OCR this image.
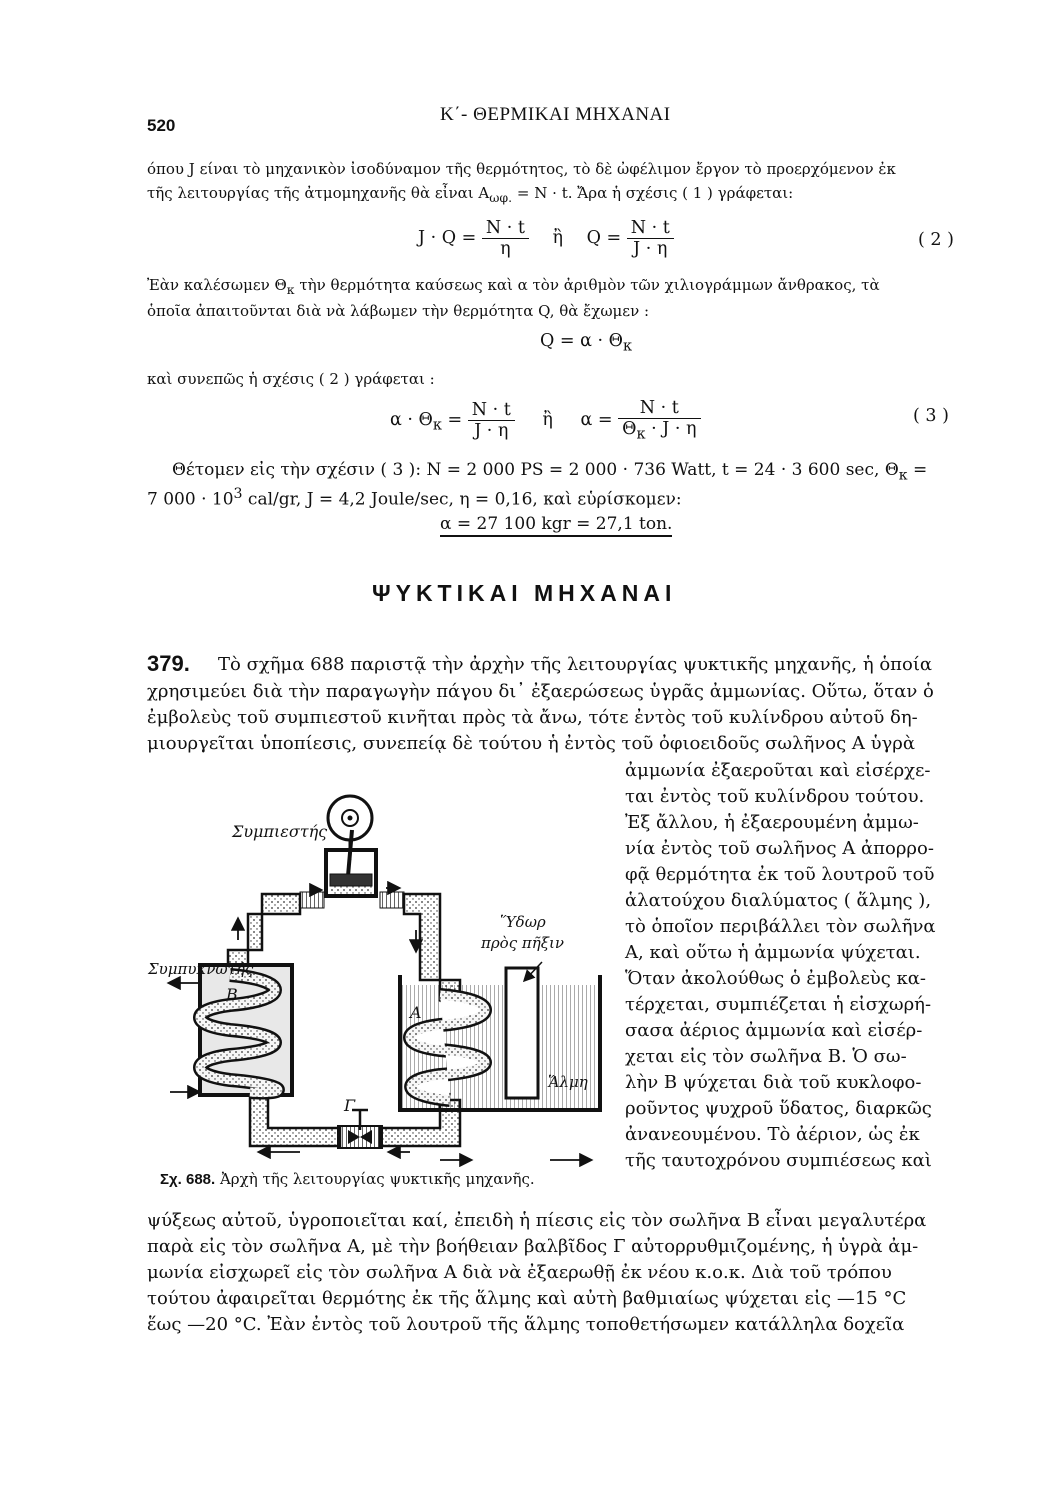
520
Κ΄- ΘΕΡΜΙΚΑΙ ΜΗΧΑΝΑΙ
όπου J είναι τὸ μηχανικὸν ἰσοδύναμον τῆς θερμότητος, τὸ δὲ ὠφέλιμον ἔργον τὸ προερχόμενον ἐκ
τῆς λειτουργίας τῆς ἀτμομηχανῆς θὰ εἶναι $A_{\omega\varphi.} = N \cdot t$. Ἄρα ἡ σχέσις ( 1 ) γράφεται:
$J \cdot Q = \frac{N \cdot t}{\eta}$ ἢ $Q = \frac{N \cdot t}{J \cdot \eta}$	( 2 )
Ἐὰν καλέσωμεν $\Theta_\kappa$ τὴν θερμότητα καύσεως καὶ α τὸν ἀριθμὸν τῶν χιλιογράμμων ἄνθρακος, τὰ
ὁποῖα ἀπαιτοῦνται διὰ νὰ λάβωμεν τὴν θερμότητα Q, θὰ ἔχωμεν :
$Q = \alpha \cdot \Theta_\kappa$
καὶ συνεπῶς ἡ σχέσις ( 2 ) γράφεται :
$\alpha \cdot \Theta_\kappa = \frac{N \cdot t}{J \cdot \eta}$ ἢ $\alpha = \frac{N \cdot t}{\Theta_\kappa \cdot J \cdot \eta}$	( 3 )
Θέτομεν εἰς τὴν σχέσιν ( 3 ): N = 2 000 PS = 2 000 · 736 Watt, t = 24 · 3 600 sec, $\Theta_\kappa$ =
7 $000 \cdot 10^3$ cal/gr, J = 4,2 Joule/sec, η = 0,16, καὶ εὑρίσκομεν:
α = 27 100 kgr = 27,1 ton.
ΨΥΚΤΙΚΑΙ ΜΗΧΑΝΑΙ
379. Τὸ σχῆμα 688 παριστᾷ τὴν ἀρχὴν τῆς λειτουργίας ψυκτικῆς μηχανῆς, ἡ ὁποία
χρησιμεύει διὰ τὴν παραγωγὴν πάγου δι᾽ ἐξαερώσεως ὑγρᾶς ἀμμωνίας. Οὕτω, ὅταν ὁ
ἐμβολεὺς τοῦ συμπιεστοῦ κινῆται πρὸς τὰ ἄνω, τότε ἐντὸς τοῦ κυλίνδρου αὐτοῦ δη-
μιουργεῖται ὑποπίεσις, συνεπείᾳ δὲ τούτου ἡ ἐντὸς τοῦ ὀφιοειδοῦς σωλῆνος Α ὑγρὰ
ἀμμωνία ἐξαεροῦται καὶ εἰσέρχε-
ται ἐντὸς τοῦ κυλίνδρου τούτου.
Ἐξ ἄλλου, ἡ ἐξαερουμένη ἀμμω-
νία ἐντὸς τοῦ σωλῆνος Α ἀπορρο-
φᾷ θερμότητα ἐκ τοῦ λουτροῦ τοῦ
ἁλατούχου διαλύματος ( ἅλμης ),
τὸ ὁποῖον περιβάλλει τὸν σωλῆνα
Α, καὶ οὕτω ἡ ἀμμωνία ψύχεται.
Ὅταν ἀκολούθως ὁ ἐμβολεὺς κα-
τέρχεται, συμπιέζεται ἡ εἰσχωρή-
σασα ἀέριος ἀμμωνία καὶ εἰσέρ-
χεται εἰς τὸν σωλῆνα Β. Ὁ σω-
λὴν Β ψύχεται διὰ τοῦ κυκλοφο-
ροῦντος ψυχροῦ ὕδατος, διαρκῶς
ἀνανεουμένου. Τὸ ἀέριον, ὡς ἐκ
τῆς ταυτοχρόνου συμπιέσεως καὶ
ψύξεως αὐτοῦ, ὑγροποιεῖται καί, ἐπειδὴ ἡ πίεσις εἰς τὸν σωλῆνα Β εἶναι μεγαλυτέρα
παρὰ εἰς τὸν σωλῆνα Α, μὲ τὴν βοήθειαν βαλβῖδος Γ αὐτορρυθμιζομένης, ἡ ὑγρὰ ἀμ-
μωνία εἰσχωρεῖ εἰς τὸν σωλῆνα Α διὰ νὰ ἐξαερωθῇ ἐκ νέου κ.ο.κ. Διὰ τοῦ τρόπου
τούτου ἀφαιρεῖται θερμότης ἐκ τῆς ἅλμης καὶ αὐτὴ βαθμιαίως ψύχεται εἰς —15 °C
ἕως —20 °C. Ἐὰν ἐντὸς τοῦ λουτροῦ τῆς ἅλμης τοποθετήσωμεν κατάλληλα δοχεῖα
Συμπιεστής
Συμπυκνωτής
Ὕδωρ
πρὸς πῆξιν
Α
Β
Γ
Ἅλμη
Σχ. 688. Ἀρχὴ τῆς λειτουργίας ψυκτικῆς μηχανῆς.
